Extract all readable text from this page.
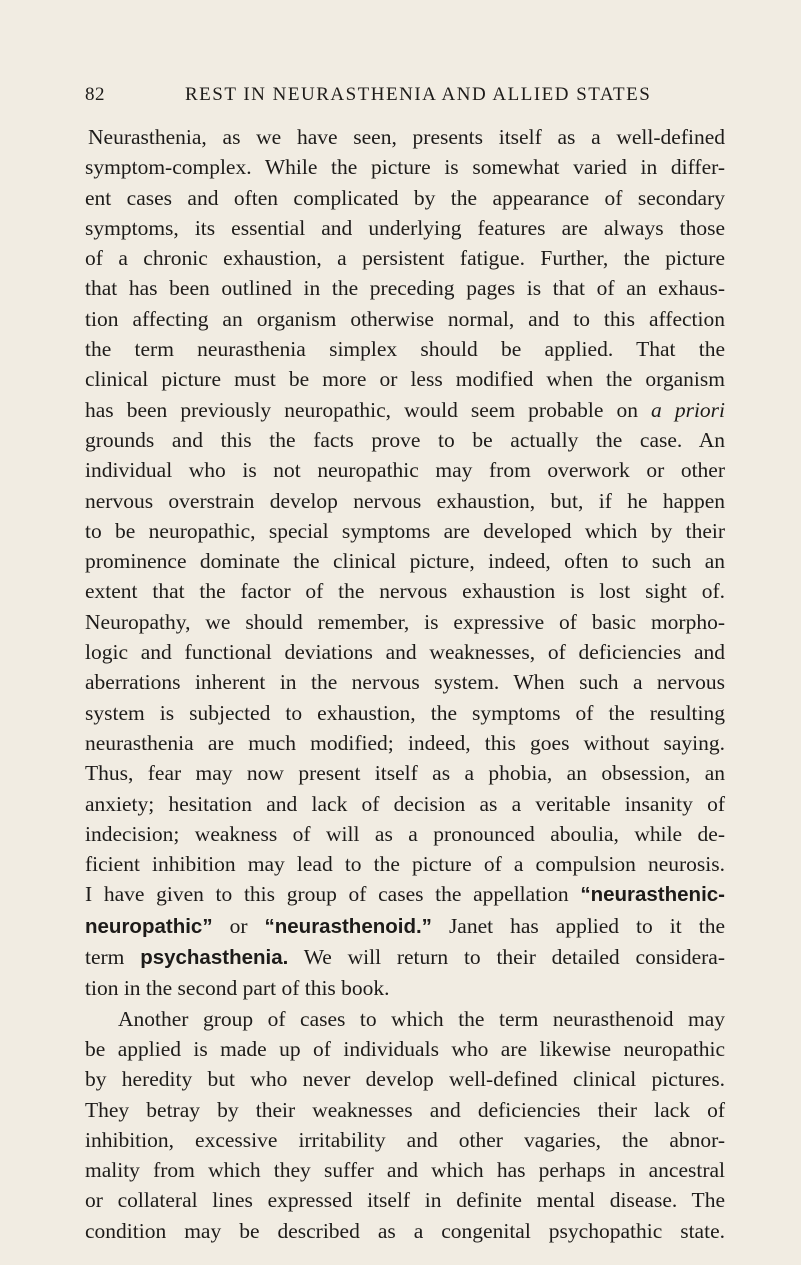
82	REST IN NEURASTHENIA AND ALLIED STATES

Neurasthenia, as we have seen, presents itself as a well-defined

symptom-complex. While the picture is somewhat varied in differ-

ent cases and often complicated by the appearance of secondary

symptoms, its essential and underlying features are always those

of a chronic exhaustion, a persistent fatigue. Further, the picture

that has been outlined in the preceding pages is that of an exhaus-

tion affecting an organism otherwise normal, and to this affection

the term neurasthenia simplex should be applied. That the

clinical picture must be more or less modified when the organism

has been previously neuropathic, would seem probable on a priori

grounds and this the facts prove to be actually the case. An

individual who is not neuropathic may from overwork or other

nervous overstrain develop nervous exhaustion, but, if he happen

to be neuropathic, special symptoms are developed which by their

prominence dominate the clinical picture, indeed, often to such an

extent that the factor of the nervous exhaustion is lost sight of.

Neuropathy, we should remember, is expressive of basic morpho-

logic and functional deviations and weaknesses, of deficiencies and

aberrations inherent in the nervous system. When such a nervous

system is subjected to exhaustion, the symptoms of the resulting

neurasthenia are much modified; indeed, this goes without saying.

Thus, fear may now present itself as a phobia, an obsession, an

anxiety; hesitation and lack of decision as a veritable insanity of

indecision; weakness of will as a pronounced aboulia, while de-

ficient inhibition may lead to the picture of a compulsion neurosis.

I have given to this group of cases the appellation “neurasthenic-

neuropathic” or “neurasthenoid.” Janet has applied to it the

term psychasthenia. We will return to their detailed considera-

tion in the second part of this book.

Another group of cases to which the term neurasthenoid may

be applied is made up of individuals who are likewise neuropathic

by heredity but who never develop well-defined clinical pictures.

They betray by their weaknesses and deficiencies their lack of

inhibition, excessive irritability and other vagaries, the abnor-

mality from which they suffer and which has perhaps in ancestral

or collateral lines expressed itself in definite mental disease. The

condition may be described as a congenital psychopathic state.
